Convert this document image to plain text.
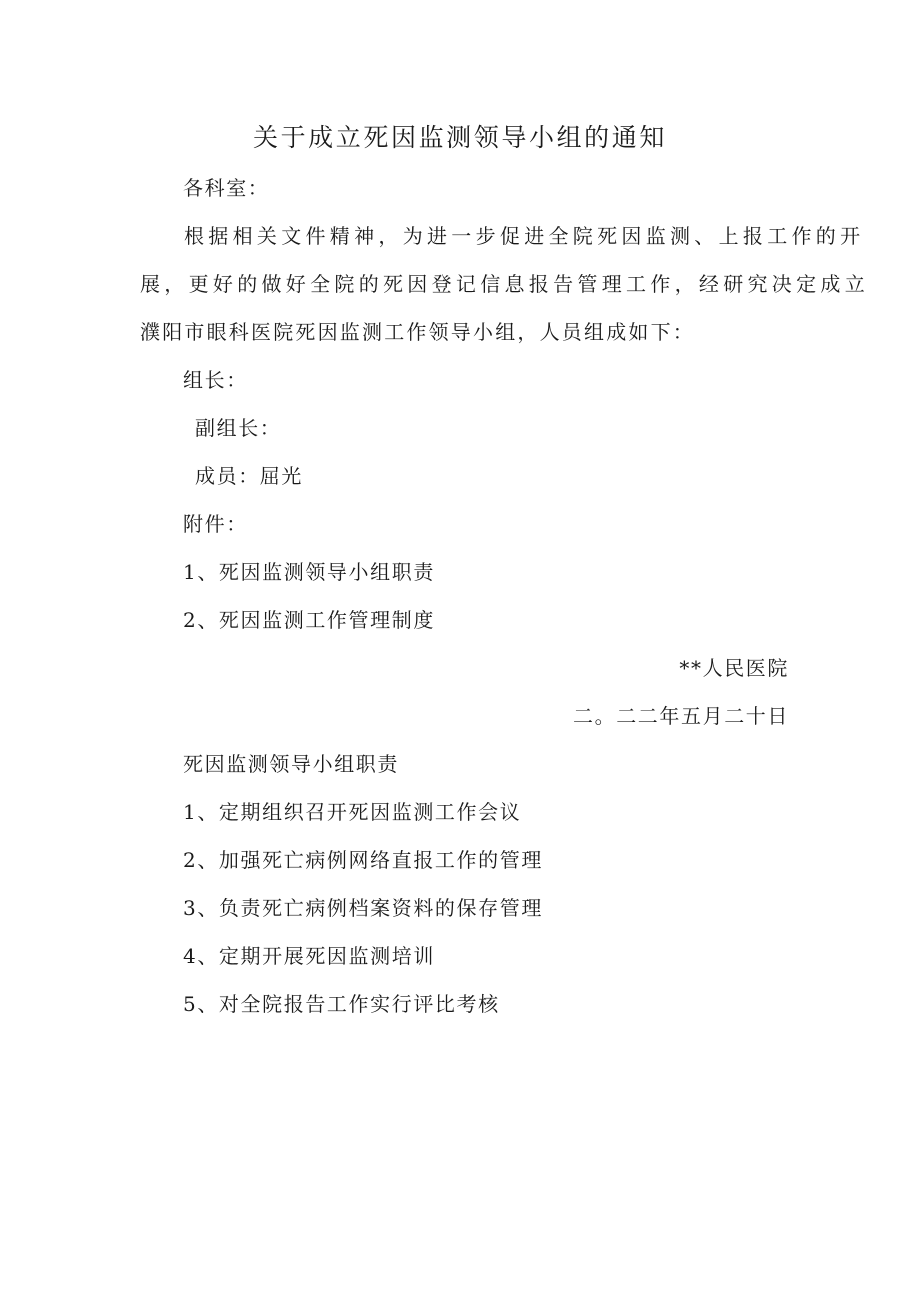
关于成立死因监测领导小组的通知
各科室：
根据相关文件精神，为进一步促进全院死因监测、上报工作的开
展，更好的做好全院的死因登记信息报告管理工作，经研究决定成立
濮阳市眼科医院死因监测工作领导小组，人员组成如下：
组长：
副组长：
成员：屈光
附件：
1、死因监测领导小组职责
2、死因监测工作管理制度
**人民医院
二。二二年五月二十日
死因监测领导小组职责
1、定期组织召开死因监测工作会议
2、加强死亡病例网络直报工作的管理
3、负责死亡病例档案资料的保存管理
4、定期开展死因监测培训
5、对全院报告工作实行评比考核
